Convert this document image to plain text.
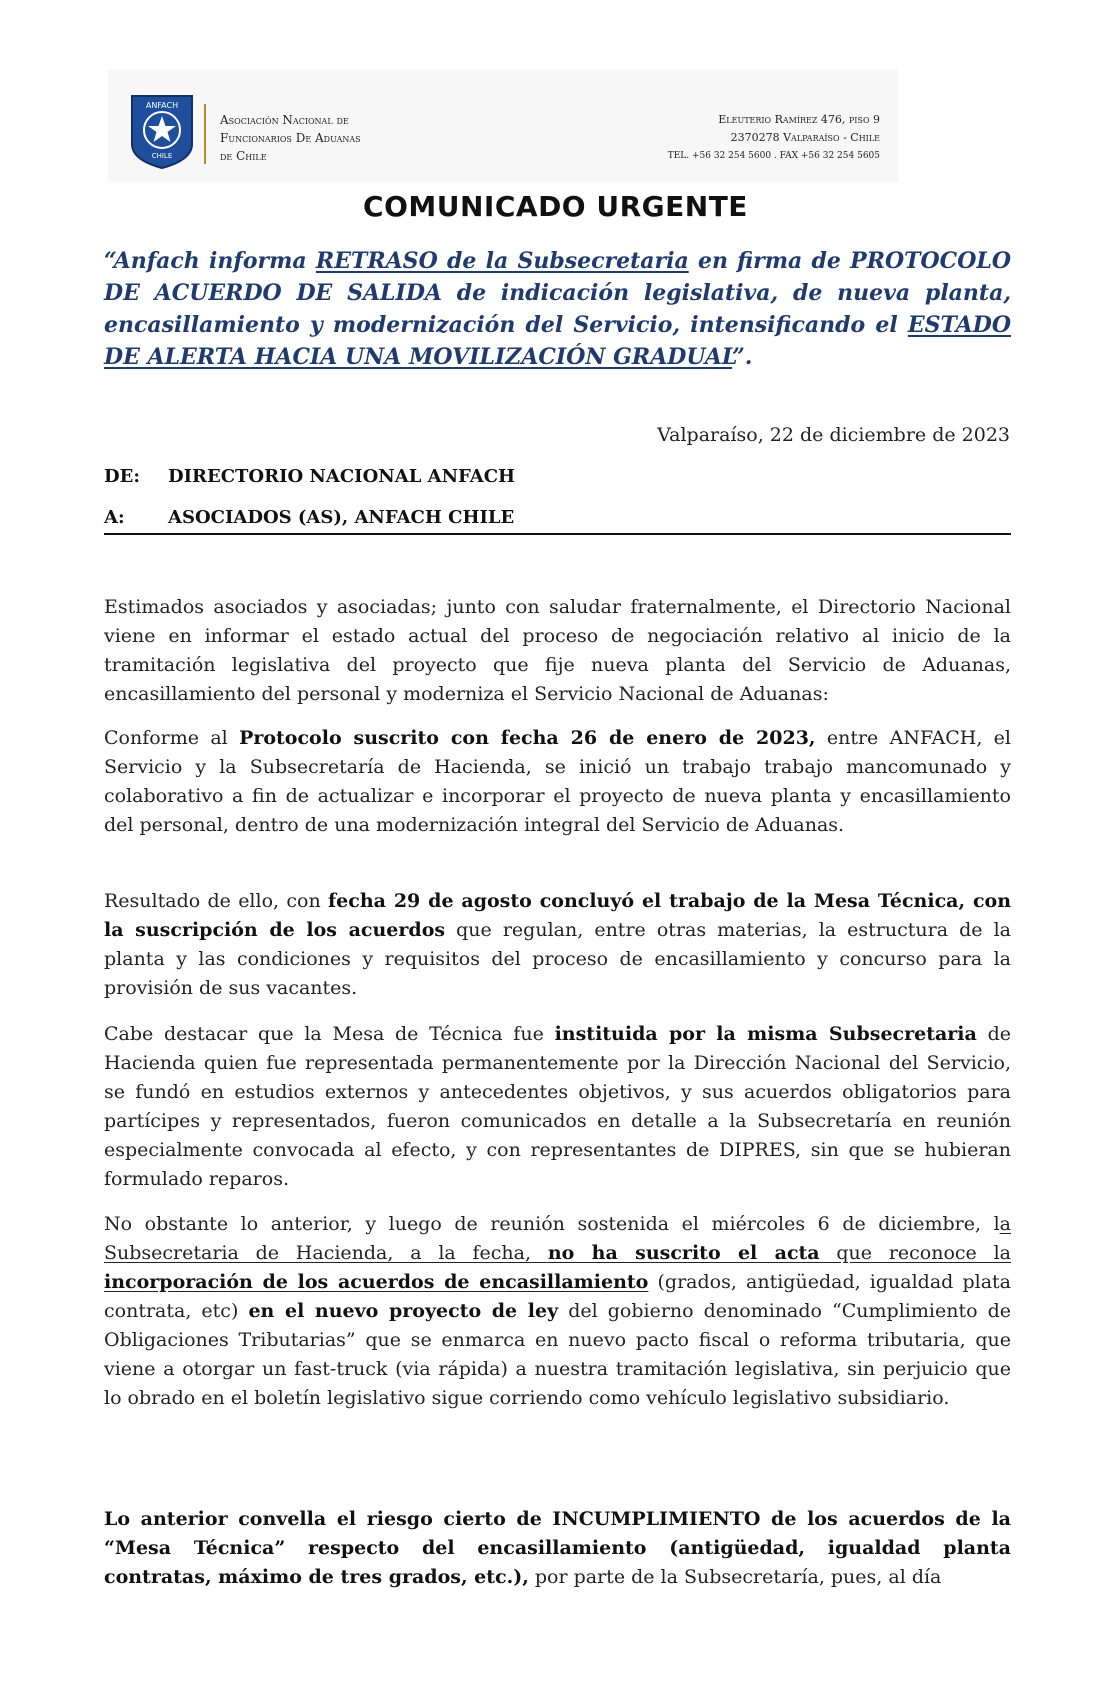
ANFACH
CHILE
Asociación Nacional de
Funcionarios De Aduanas
de Chile
Eleuterio Ramírez 476, piso 9
2370278 Valparaíso - Chile
TEL. +56 32 254 5600 . FAX +56 32 254 5605
COMUNICADO URGENTE
“Anfach informa RETRASO de la Subsecretaria en firma de PROTOCOLO DE ACUERDO DE SALIDA de indicación legislativa, de nueva planta, encasillamiento y modernización del Servicio, intensificando el ESTADO DE ALERTA HACIA UNA MOVILIZACIÓN GRADUAL”.
Valparaíso, 22 de diciembre de 2023
DE: DIRECTORIO NACIONAL ANFACH
A: ASOCIADOS (AS), ANFACH CHILE
Estimados asociados y asociadas; junto con saludar fraternalmente, el Directorio Nacional viene en informar el estado actual del proceso de negociación relativo al inicio de la tramitación legislativa del proyecto que fije nueva planta del Servicio de Aduanas, encasillamiento del personal y moderniza el Servicio Nacional de Aduanas:
Conforme al Protocolo suscrito con fecha 26 de enero de 2023, entre ANFACH, el Servicio y la Subsecretaría de Hacienda, se inició un trabajo trabajo mancomunado y colaborativo a fin de actualizar e incorporar el proyecto de nueva planta y encasillamiento del personal, dentro de una modernización integral del Servicio de Aduanas.
Resultado de ello, con fecha 29 de agosto concluyó el trabajo de la Mesa Técnica, con la suscripción de los acuerdos que regulan, entre otras materias, la estructura de la planta y las condiciones y requisitos del proceso de encasillamiento y concurso para la provisión de sus vacantes.
Cabe destacar que la Mesa de Técnica fue instituida por la misma Subsecretaria de Hacienda quien fue representada permanentemente por la Dirección Nacional del Servicio, se fundó en estudios externos y antecedentes objetivos, y sus acuerdos obligatorios para partícipes y representados, fueron comunicados en detalle a la Subsecretaría en reunión especialmente convocada al efecto, y con representantes de DIPRES, sin que se hubieran formulado reparos.
No obstante lo anterior, y luego de reunión sostenida el miércoles 6 de diciembre, la Subsecretaria de Hacienda, a la fecha, no ha suscrito el acta que reconoce la incorporación de los acuerdos de encasillamiento (grados, antigüedad, igualdad plata contrata, etc) en el nuevo proyecto de ley del gobierno denominado “Cumplimiento de Obligaciones Tributarias” que se enmarca en nuevo pacto fiscal o reforma tributaria, que viene a otorgar un fast-truck (via rápida) a nuestra tramitación legislativa, sin perjuicio que lo obrado en el boletín legislativo sigue corriendo como vehículo legislativo subsidiario.
Lo anterior convella el riesgo cierto de INCUMPLIMIENTO de los acuerdos de la “Mesa Técnica” respecto del encasillamiento (antigüedad, igualdad planta contratas, máximo de tres grados, etc.), por parte de la Subsecretaría, pues, al día
